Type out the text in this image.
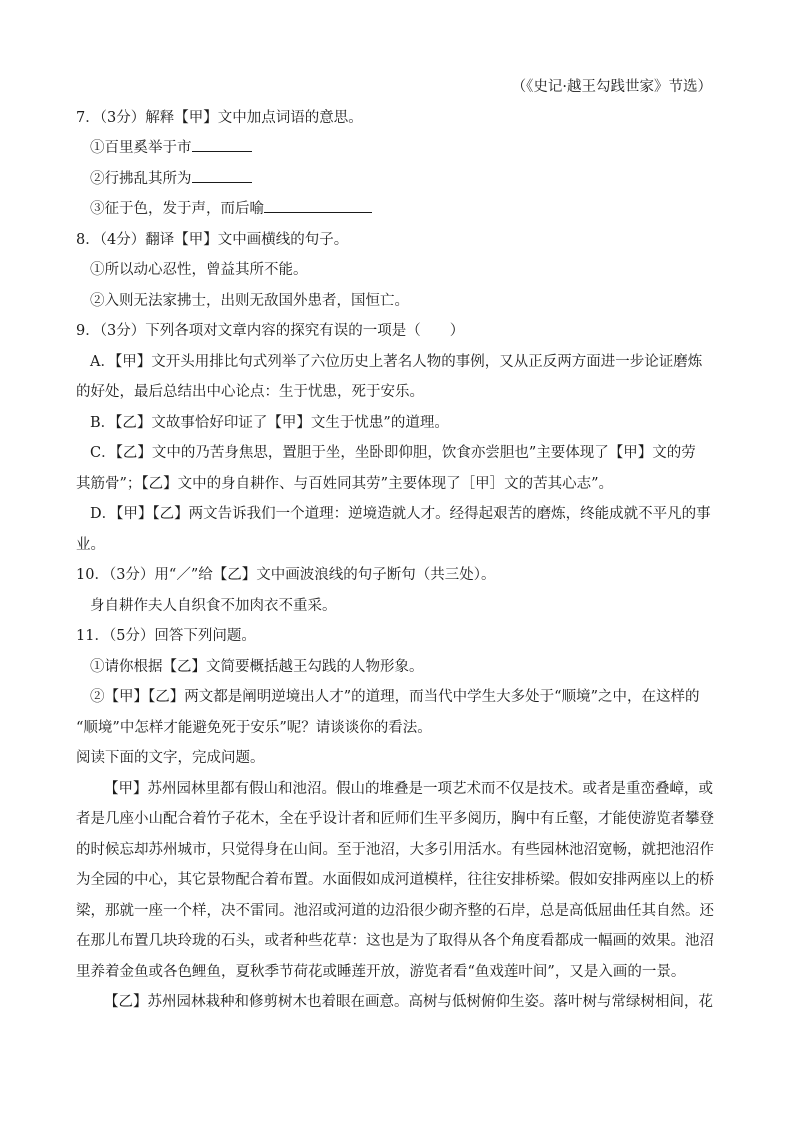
（《史记·越王勾践世家》节选）
7．（3分）解释【甲】文中加点词语的意思。
①百里奚举于市
②行拂乱其所为
③征于色，发于声，而后喻
8．（4分）翻译【甲】文中画横线的句子。
①所以动心忍性，曾益其所不能。
②入则无法家拂士，出则无敌国外患者，国恒亡。
9．（3分）下列各项对文章内容的探究有误的一项是（　　）
A．【甲】文开头用排比句式列举了六位历史上著名人物的事例，又从正反两方面进一步论证磨炼
的好处，最后总结出中心论点：生于忧患，死于安乐。
B．【乙】文故事恰好印证了【甲】文生于忧患”的道理。
C．【乙】文中的乃苦身焦思，置胆于坐，坐卧即仰胆，饮食亦尝胆也”主要体现了【甲】文的劳
其筋骨”；【乙】文中的身自耕作、与百姓同其劳”主要体现了［甲］文的苦其心志”。
D．【甲】【乙】两文告诉我们一个道理：逆境造就人才。经得起艰苦的磨炼，终能成就不平凡的事
业。
10．（3分）用“／”给【乙】文中画波浪线的句子断句（共三处）。
身自耕作夫人自织食不加肉衣不重采。
11．（5分）回答下列问题。
①请你根据【乙】文简要概括越王勾践的人物形象。
②【甲】【乙】两文都是阐明逆境出人才”的道理，而当代中学生大多处于“顺境”之中，在这样的
“顺境”中怎样才能避免死于安乐”呢？请谈谈你的看法。
阅读下面的文字，完成问题。
【甲】苏州园林里都有假山和池沼。假山的堆叠是一项艺术而不仅是技术。或者是重峦叠嶂，或
者是几座小山配合着竹子花木，全在乎设计者和匠师们生平多阅历，胸中有丘壑，才能使游览者攀登
的时候忘却苏州城市，只觉得身在山间。至于池沼，大多引用活水。有些园林池沼宽畅，就把池沼作
为全园的中心，其它景物配合着布置。水面假如成河道模样，往往安排桥梁。假如安排两座以上的桥
梁，那就一座一个样，决不雷同。池沼或河道的边沿很少砌齐整的石岸，总是高低屈曲任其自然。还
在那儿布置几块玲珑的石头，或者种些花草：这也是为了取得从各个角度看都成一幅画的效果。池沼
里养着金鱼或各色鲤鱼，夏秋季节荷花或睡莲开放，游览者看“鱼戏莲叶间”，又是入画的一景。
【乙】苏州园林栽种和修剪树木也着眼在画意。高树与低树俯仰生姿。落叶树与常绿树相间，花
